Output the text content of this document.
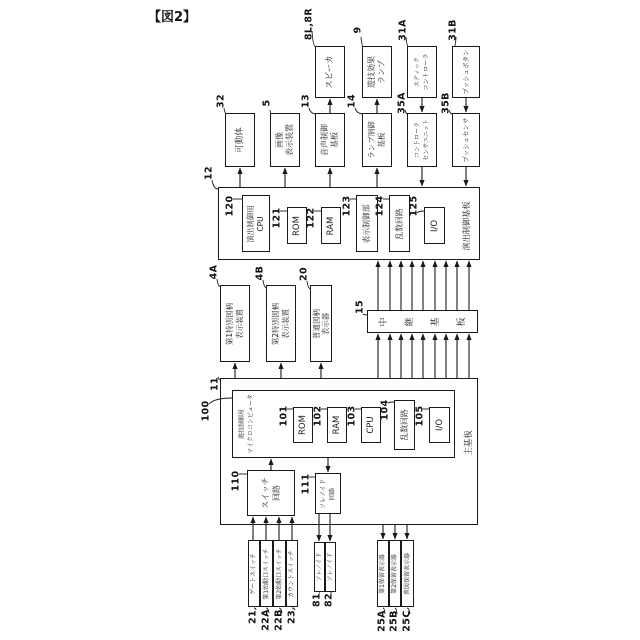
【図2】
スピーカ	遊技効果
ランプ	スティック コントローラ	プッシュボタン
可動体	画像
表示装置	音声制御
基板	ランプ制御
基板	コントローラ センサユニット	プッシュセンサ
演出制御用
CPU	ROM	RAM	表示制御部	乱数回路	I/O	演出制御基板
第1特別図柄
表示装置	第2特別図柄
表示装置	普通図柄
表示器	中 継 基 板
遊技制御用 マイクロコンピュータ	ROM	RAM	CPU	乱数回路	I/O
主基板
スイッチ 回路	ソレノイド 回路
ゲートスイッチ 第1始動口スイッチ	第2始動口スイッチ カウントスイッチ	ソレノイド ソレノイド	第1保留表示器 第2保留表示器 普図保留表示器
8L,8R	9	31A	31B
32	5	13	14	35A	35B
12
120
121 122
123 124 125
4A	4B	20
15
11
100	101 102 103 104	105
110	111
21 22A 22B 23
81 82
25A 25B 25C
